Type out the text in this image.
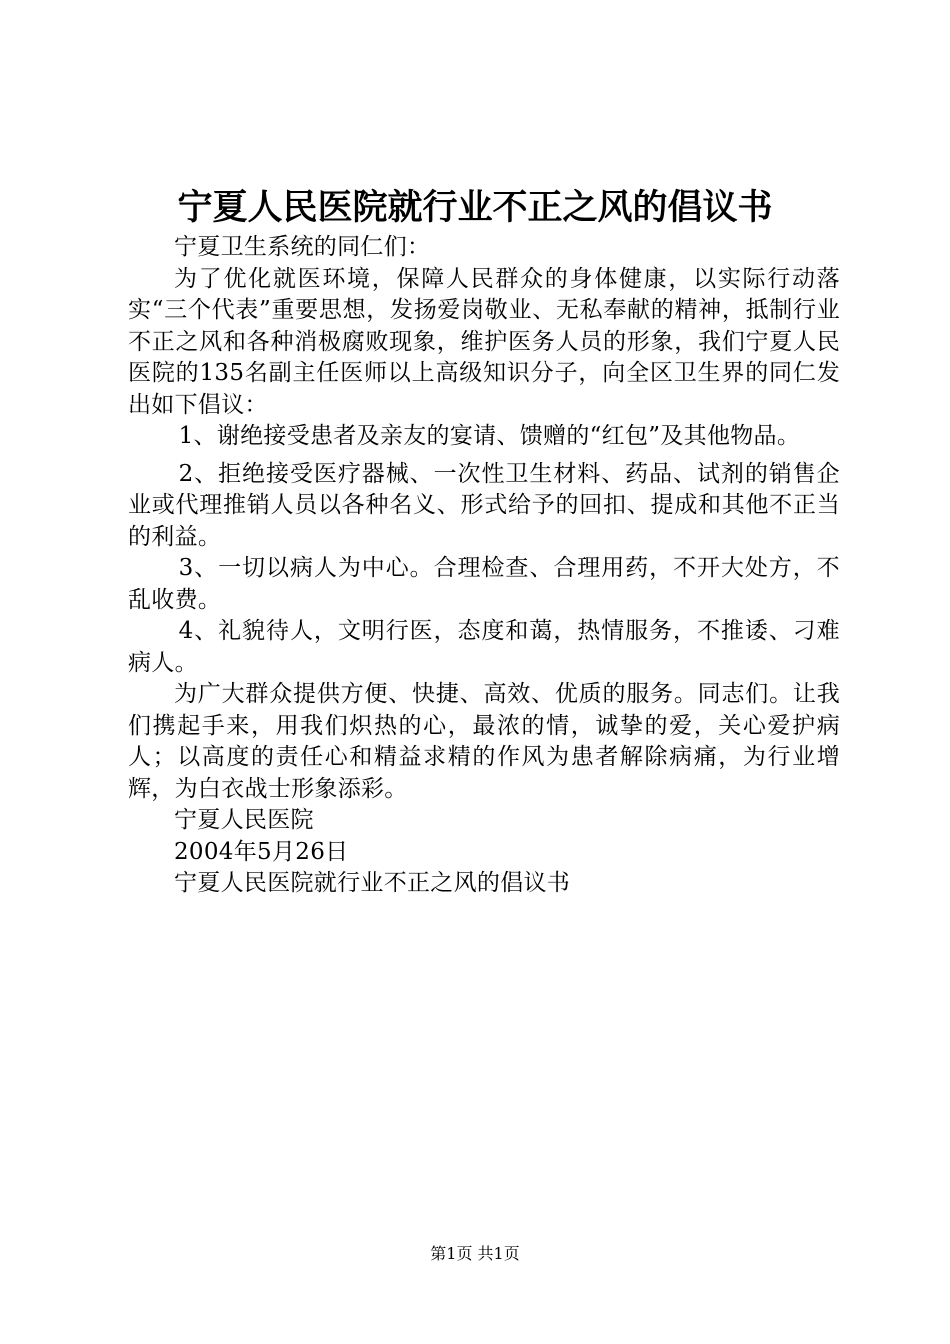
宁夏人民医院就行业不正之风的倡议书

宁夏卫生系统的同仁们：

为了优化就医环境，保障人民群众的身体健康，以实际行动落实“三个代表”重要思想，发扬爱岗敬业、无私奉献的精神，抵制行业不正之风和各种消极腐败现象，维护医务人员的形象，我们宁夏人民医院的135名副主任医师以上高级知识分子，向全区卫生界的同仁发出如下倡议：

1、谢绝接受患者及亲友的宴请、馈赠的“红包”及其他物品。

2、拒绝接受医疗器械、一次性卫生材料、药品、试剂的销售企业或代理推销人员以各种名义、形式给予的回扣、提成和其他不正当的利益。

3、一切以病人为中心。合理检查、合理用药，不开大处方，不乱收费。

4、礼貌待人，文明行医，态度和蔼，热情服务，不推诿、刁难病人。

为广大群众提供方便、快捷、高效、优质的服务。同志们。让我们携起手来，用我们炽热的心，最浓的情，诚挚的爱，关心爱护病人；以高度的责任心和精益求精的作风为患者解除病痛，为行业增辉，为白衣战士形象添彩。

宁夏人民医院

2004年5月26日

宁夏人民医院就行业不正之风的倡议书

第1页 共1页
